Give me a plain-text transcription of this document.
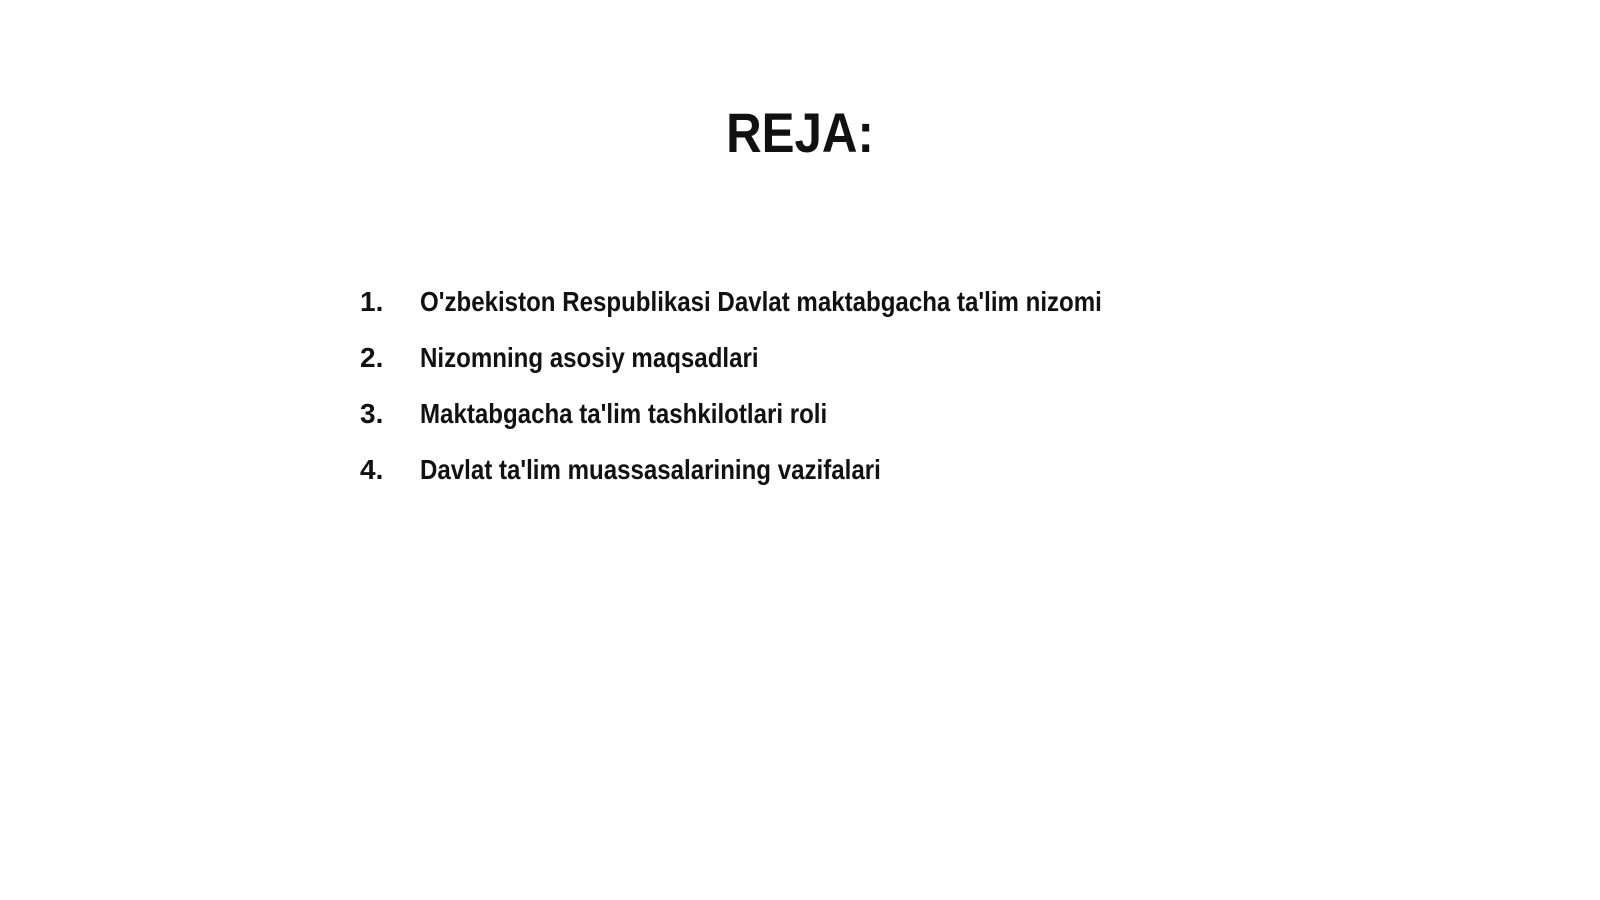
REJA:
1.	O'zbekiston Respublikasi Davlat maktabgacha ta'lim nizomi
2.	Nizomning asosiy maqsadlari
3.	Maktabgacha ta'lim tashkilotlari roli
4.	Davlat ta'lim muassasalarining vazifalari
